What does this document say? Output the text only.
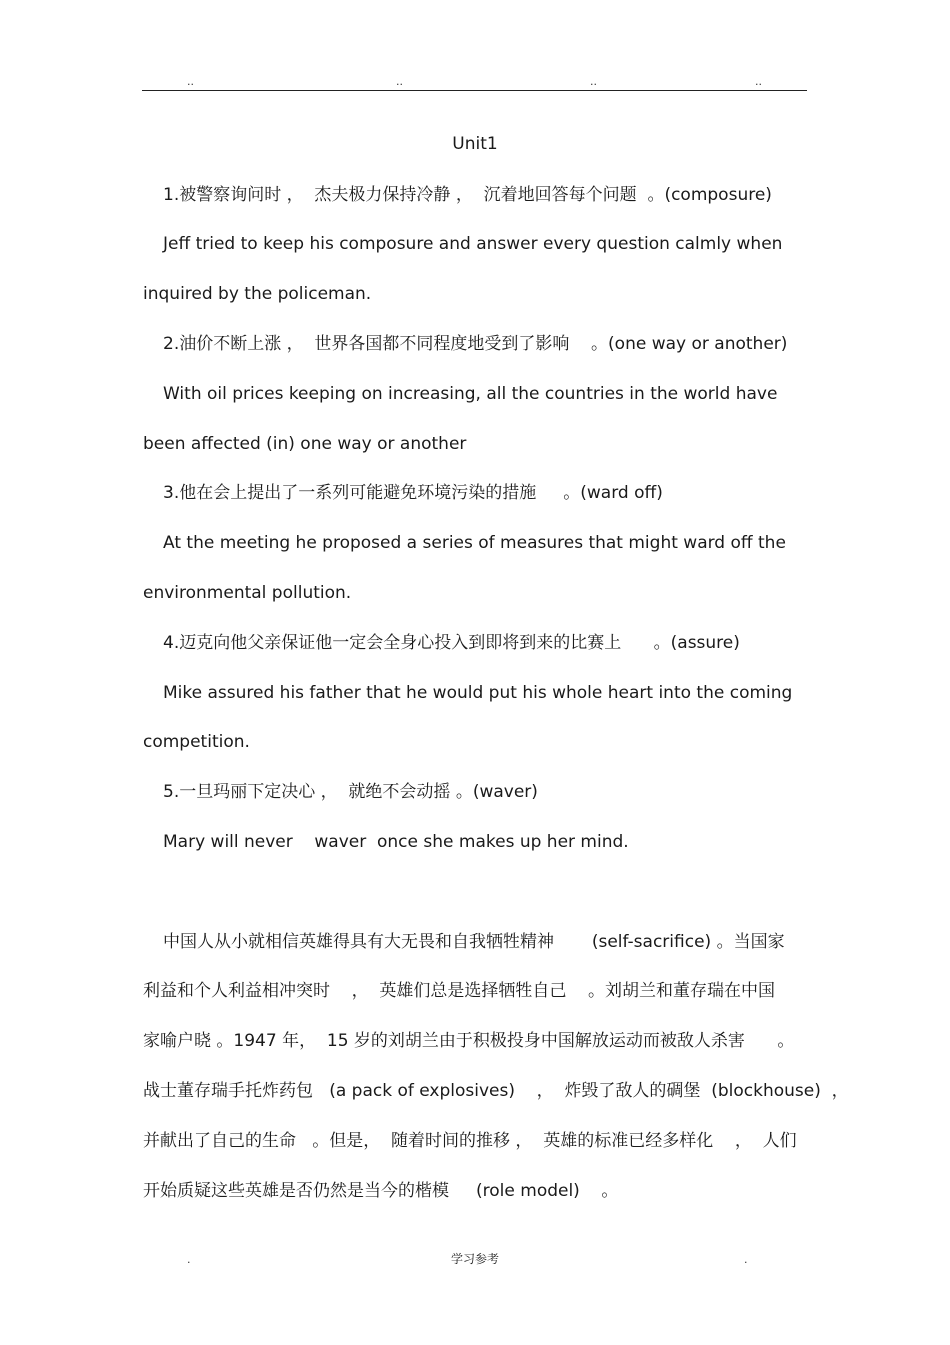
..	..	..	..
Unit1
1.被警察询问时 ，  杰夫极力保持冷静 ，  沉着地回答每个问题  。(composure)
Jeff tried to keep his composure and answer every question calmly when
inquired by the policeman.
2.油价不断上涨 ，  世界各国都不同程度地受到了影响    。(one way or another)
With oil prices keeping on increasing, all the countries in the world have
been affected (in) one way or another
3.他在会上提出了一系列可能避免环境污染的措施     。(ward off)
At the meeting he proposed a series of measures that might ward off the
environmental pollution.
4.迈克向他父亲保证他一定会全身心投入到即将到来的比赛上      。(assure)
Mike assured his father that he would put his whole heart into the coming
competition.
5.一旦玛丽下定决心 ，  就绝不会动摇 。(waver)
Mary will never    waver  once she makes up her mind.
中国人从小就相信英雄得具有大无畏和自我牺牲精神       (self-sacrifice) 。当国家
利益和个人利益相冲突时    ，  英雄们总是选择牺牲自己    。刘胡兰和董存瑞在中国
家喻户晓 。1947 年，  15 岁的刘胡兰由于积极投身中国解放运动而被敌人杀害      。
战士董存瑞手托炸药包   (a pack of explosives)    ，  炸毁了敌人的碉堡  (blockhouse)  ，
并献出了自己的生命   。但是，  随着时间的推移 ，  英雄的标准已经多样化    ，  人们
开始质疑这些英雄是否仍然是当今的楷模     (role model)    。
.	学习参考	.
